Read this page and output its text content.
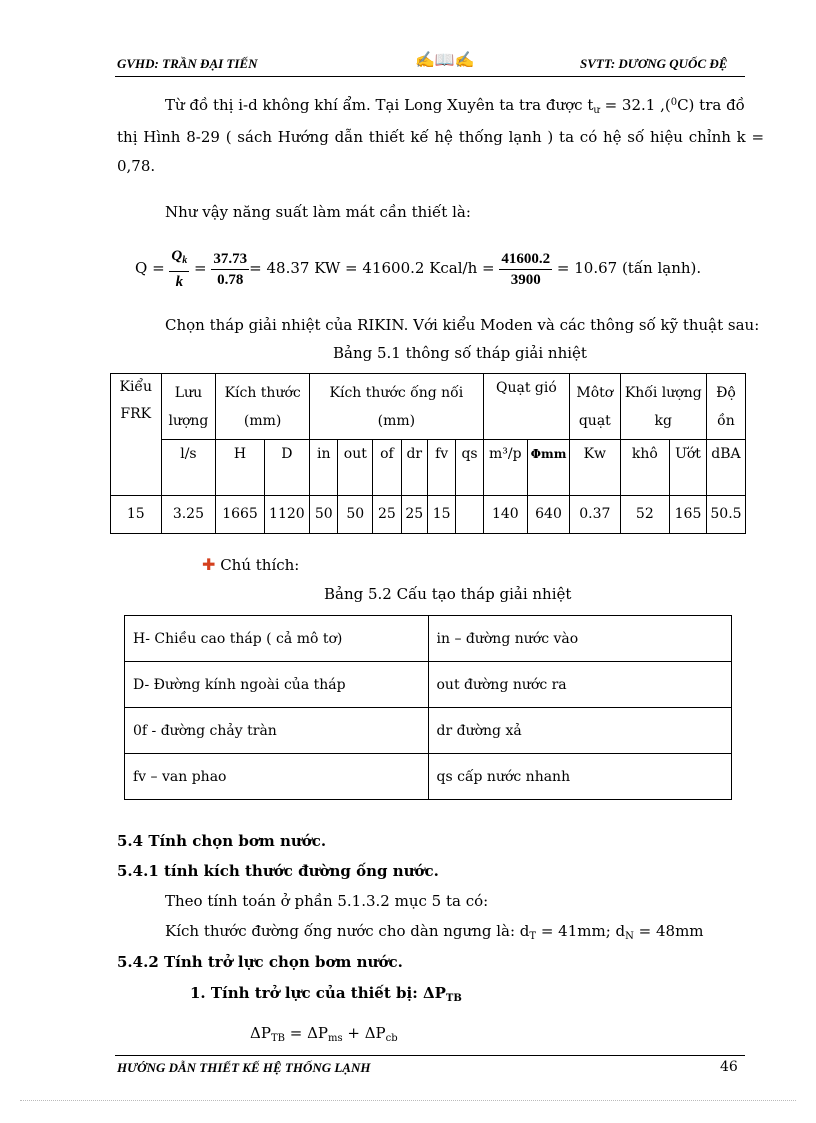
GVHD: TRẦN ĐẠI TIẾN	✍📖✍	SVTT: DƯƠNG QUỐC ĐỆ
Từ đồ thị i-d không khí ẩm. Tại Long Xuyên ta tra được $t_ư = 32.1$ ,($^0$C) tra đồ
thị Hình 8-29 ( sách Hướng dẫn thiết kế hệ thống lạnh ) ta có hệ số hiệu chỉnh k =
0,78.
Như vậy năng suất làm mát cần thiết là:
$Q = \frac{Q_k}{k} = \frac{37.73}{0.78} = 48.37$ KW = 41600.2 Kcal/h = $\frac{41600.2}{3900} = 10.67$ (tấn lạnh).
Chọn tháp giải nhiệt của RIKIN. Với kiểu Moden và các thông số kỹ thuật sau:
Bảng 5.1 thông số tháp giải nhiệt
Kiểu FRK	Lưu lượng	Kích thước (mm)		Kích thước ống nối (mm)						Quạt gió		Môtơ quạt	Khối lượng kg		Độ ồn
	l/s	H	D	in	out	of	dr	fv	qs	m³/p	Φmm	Kw	khô	Ướt	dBA
15	3.25	1665	1120	50	50	25	25	15		140	640	0.37	52	165	50.5
✚ Chú thích:
Bảng 5.2 Cấu tạo tháp giải nhiệt
H- Chiều cao tháp ( cả mô tơ)	in – đường nước vào
D- Đường kính ngoài của tháp	out đường nước ra
0f - đường chảy tràn	dr đường xả
fv – van phao	qs cấp nước nhanh
5.4 Tính chọn bơm nước.
5.4.1 tính kích thước đường ống nước.
Theo tính toán ở phần 5.1.3.2 mục 5 ta có:
Kích thước đường ống nước cho dàn ngưng là: $d_T = 41mm$; $d_N = 48mm$
5.4.2 Tính trở lực chọn bơm nước.
1. Tính trở lực của thiết bị: $\Delta P_{TB}$
$\Delta P_{TB} = \Delta P_{ms} + \Delta P_{cb}$
HƯỚNG DẪN THIẾT KẾ HỆ THỐNG LẠNH	46
